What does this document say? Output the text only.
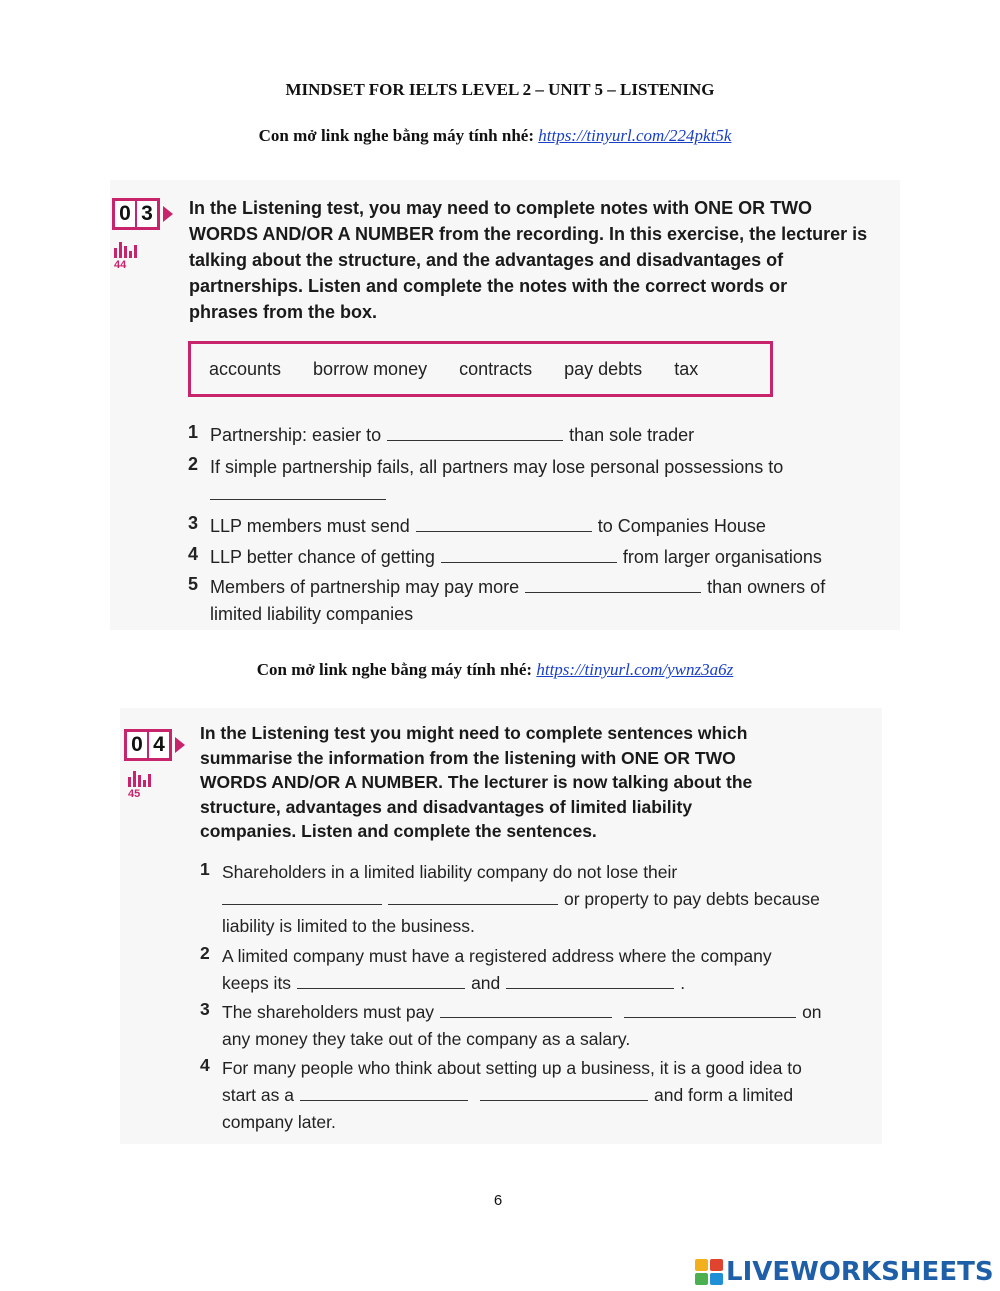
MINDSET FOR IELTS LEVEL 2 – UNIT 5 – LISTENING
Con mở link nghe bằng máy tính nhé: https://tinyurl.com/224pkt5k
0 3
44
In the Listening test, you may need to complete notes with ONE OR TWO
WORDS AND/OR A NUMBER from the recording. In this exercise, the lecturer is
talking about the structure, and the advantages and disadvantages of
partnerships. Listen and complete the notes with the correct words or
phrases from the box.
accounts borrow money contracts pay debts tax
1 Partnership: easier to	than sole trader
2 If simple partnership fails, all partners may lose personal possessions to

3 LLP members must send	to Companies House
4 LLP better chance of getting	from larger organisations
5 Members of partnership may pay more	than owners of
limited liability companies
Con mở link nghe bằng máy tính nhé: https://tinyurl.com/ywnz3a6z
0 4
45
In the Listening test you might need to complete sentences which
summarise the information from the listening with ONE OR TWO
WORDS AND/OR A NUMBER. The lecturer is now talking about the
structure, advantages and disadvantages of limited liability
companies. Listen and complete the sentences.
1 Shareholders in a limited liability company do not lose their
or property to pay debts because
liability is limited to the business.
2 A limited company must have a registered address where the company
keeps its	and	.
3 The shareholders must pay	on
any money they take out of the company as a salary.
4 For many people who think about setting up a business, it is a good idea to
start as a	and form a limited
company later.
6
LIVEWORKSHEETS
